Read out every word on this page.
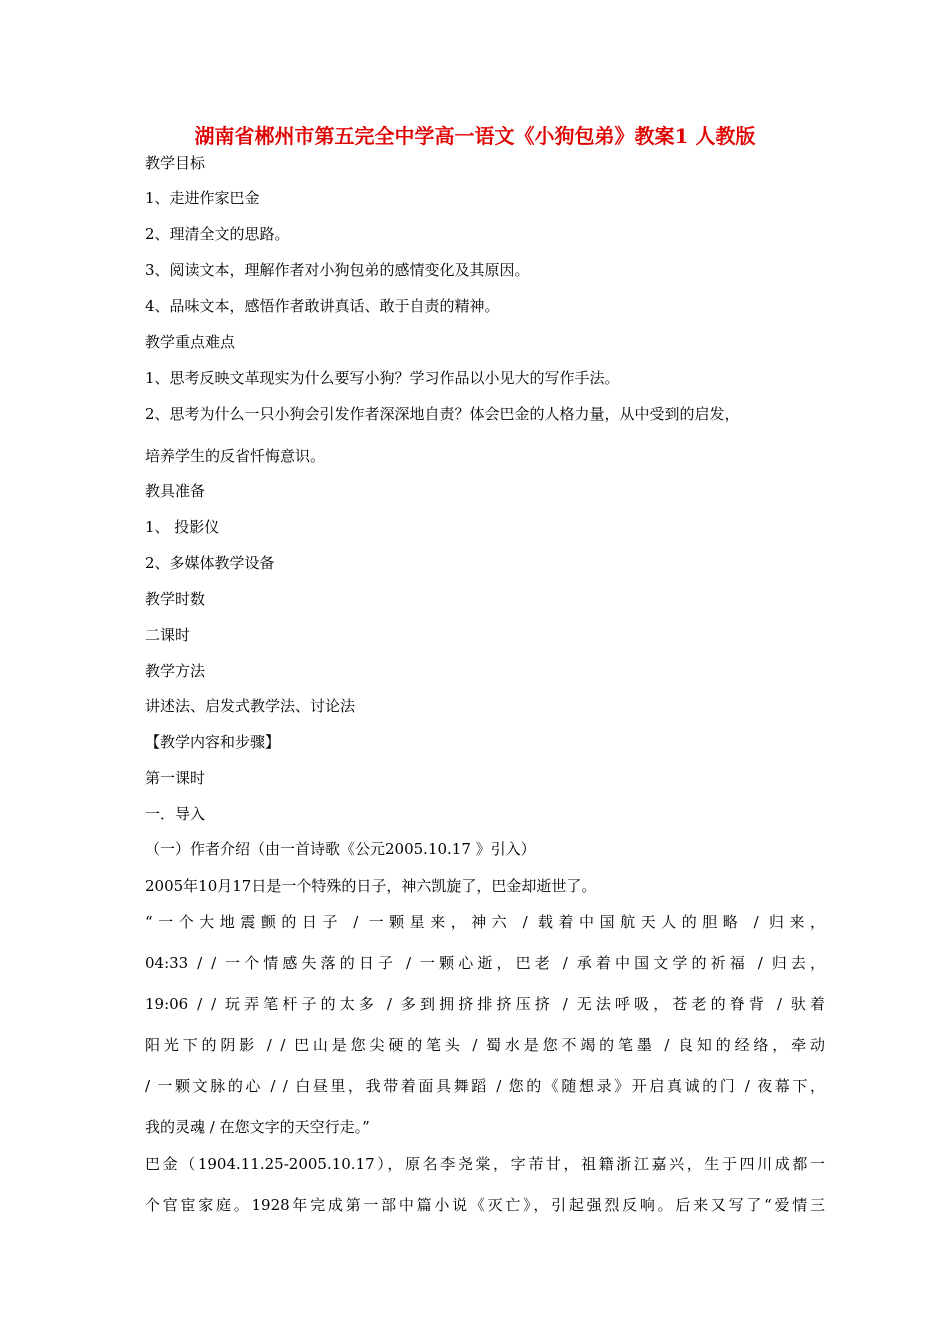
湖南省郴州市第五完全中学高一语文《小狗包弟》教案1 人教版
教学目标
1、走进作家巴金
2、理清全文的思路。
3、阅读文本，理解作者对小狗包弟的感情变化及其原因。
4、品味文本，感悟作者敢讲真话、敢于自责的精神。
教学重点难点
1、思考反映文革现实为什么要写小狗？学习作品以小见大的写作手法。
2、思考为什么一只小狗会引发作者深深地自责？体会巴金的人格力量，从中受到的启发，
培养学生的反省忏悔意识。
教具准备
1、 投影仪
2、多媒体教学设备
教学时数
二课时
教学方法
讲述法、启发式教学法、讨论法
【教学内容和步骤】
第一课时
一．导入
（一）作者介绍（由一首诗歌《公元2005.10.17 》引入）
2005年10月17日是一个特殊的日子，神六凯旋了，巴金却逝世了。
“一个大地震颤的日子 / 一颗星来，神六 / 载着中国航天人的胆略 / 归来，
04:33 / / 一个情感失落的日子 / 一颗心逝，巴老 / 承着中国文学的祈福 / 归去，
19:06 / / 玩弄笔杆子的太多 / 多到拥挤排挤压挤 / 无法呼吸，苍老的脊背 / 驮着
阳光下的阴影 / / 巴山是您尖硬的笔头 / 蜀水是您不竭的笔墨 / 良知的经络，牵动
/ 一颗文脉的心 / / 白昼里，我带着面具舞蹈 / 您的《随想录》开启真诚的门 / 夜幕下，
我的灵魂 / 在您文字的天空行走。”
巴金（1904.11.25-2005.10.17），原名李尧棠，字芾甘，祖籍浙江嘉兴，生于四川成都一
个官宦家庭。1928年完成第一部中篇小说《灭亡》，引起强烈反响。后来又写了“爱情三
